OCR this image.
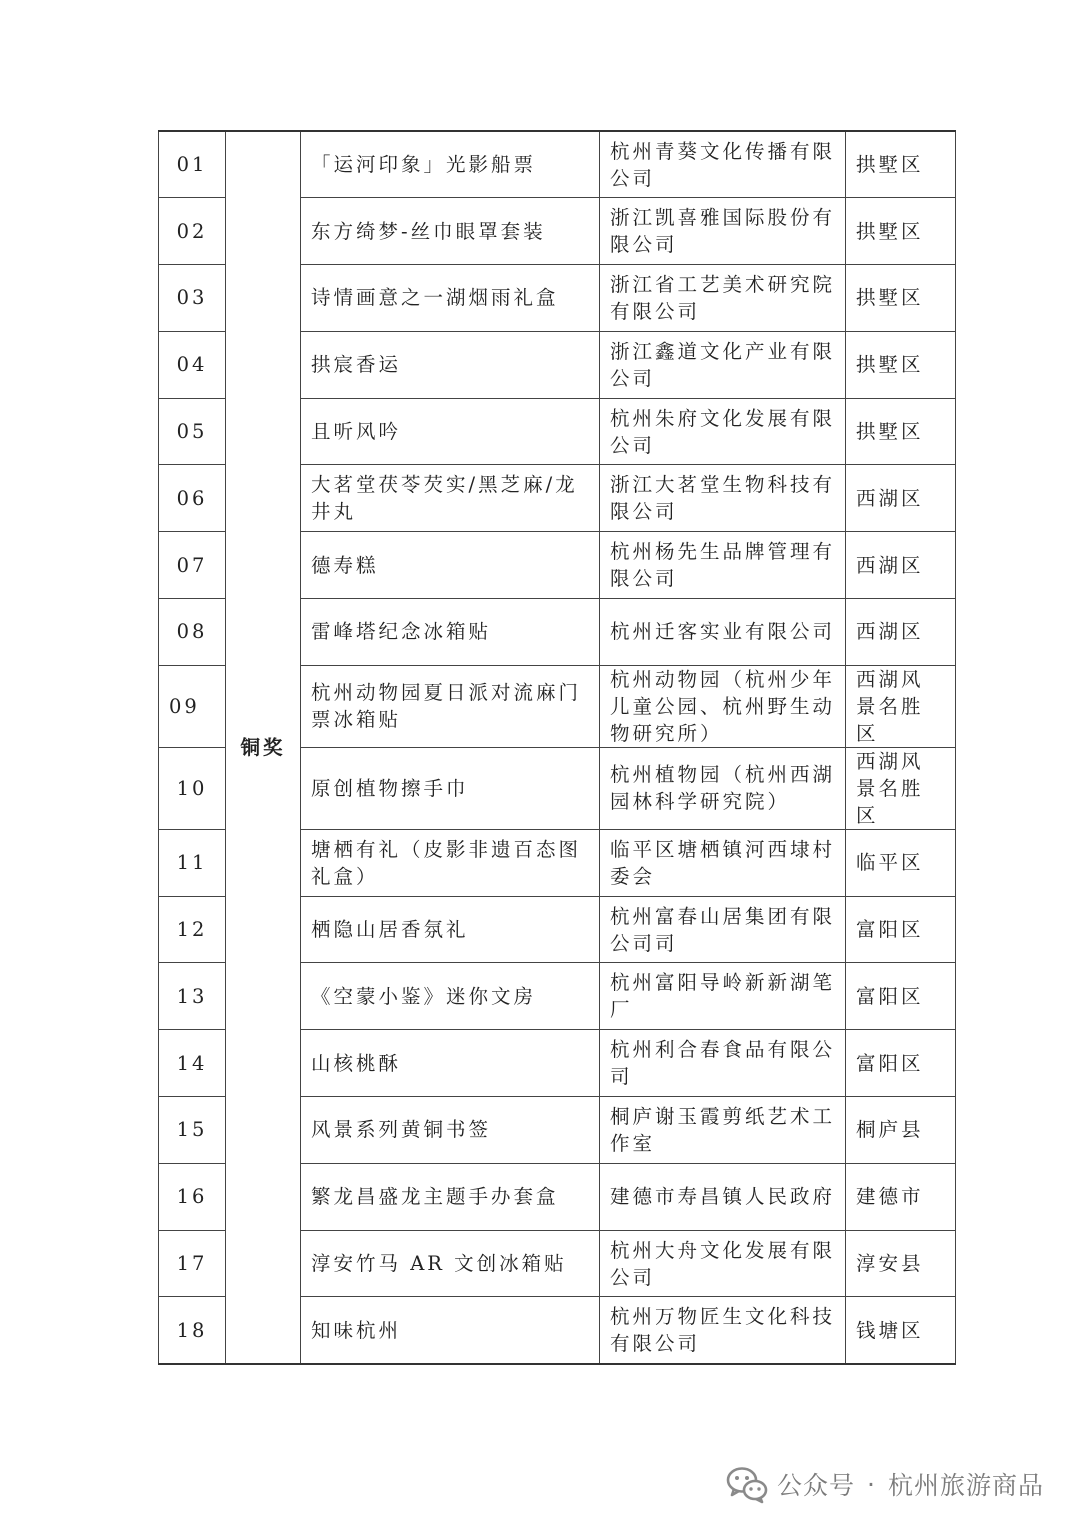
01	铜奖	「运河印象」光影船票	杭州青葵文化传播有限公司	拱墅区
02		东方绮梦-丝巾眼罩套装	浙江凯喜雅国际股份有限公司	拱墅区
03		诗情画意之一湖烟雨礼盒	浙江省工艺美术研究院有限公司	拱墅区
04		拱宸香运	浙江鑫道文化产业有限公司	拱墅区
05		且听风吟	杭州朱府文化发展有限公司	拱墅区
06		大茗堂茯苓芡实/黑芝麻/龙井丸	浙江大茗堂生物科技有限公司	西湖区
07		德寿糕	杭州杨先生品牌管理有限公司	西湖区
08		雷峰塔纪念冰箱贴	杭州迁客实业有限公司	西湖区
09		杭州动物园夏日派对流麻门票冰箱贴	杭州动物园（杭州少年儿童公园、杭州野生动物研究所）	西湖风景名胜区
10		原创植物擦手巾	杭州植物园（杭州西湖园林科学研究院）	西湖风景名胜区
11		塘栖有礼（皮影非遗百态图礼盒）	临平区塘栖镇河西埭村委会	临平区
12		栖隐山居香氛礼	杭州富春山居集团有限公司司	富阳区
13		《空蒙小鉴》迷你文房	杭州富阳导岭新新湖笔厂	富阳区
14		山核桃酥	杭州利合春食品有限公司	富阳区
15		风景系列黄铜书签	桐庐谢玉霞剪纸艺术工作室	桐庐县
16		繁龙昌盛龙主题手办套盒	建德市寿昌镇人民政府	建德市
17		淳安竹马 AR 文创冰箱贴	杭州大舟文化发展有限公司	淳安县
18		知味杭州	杭州万物匠生文化科技有限公司	钱塘区
公众号 · 杭州旅游商品
